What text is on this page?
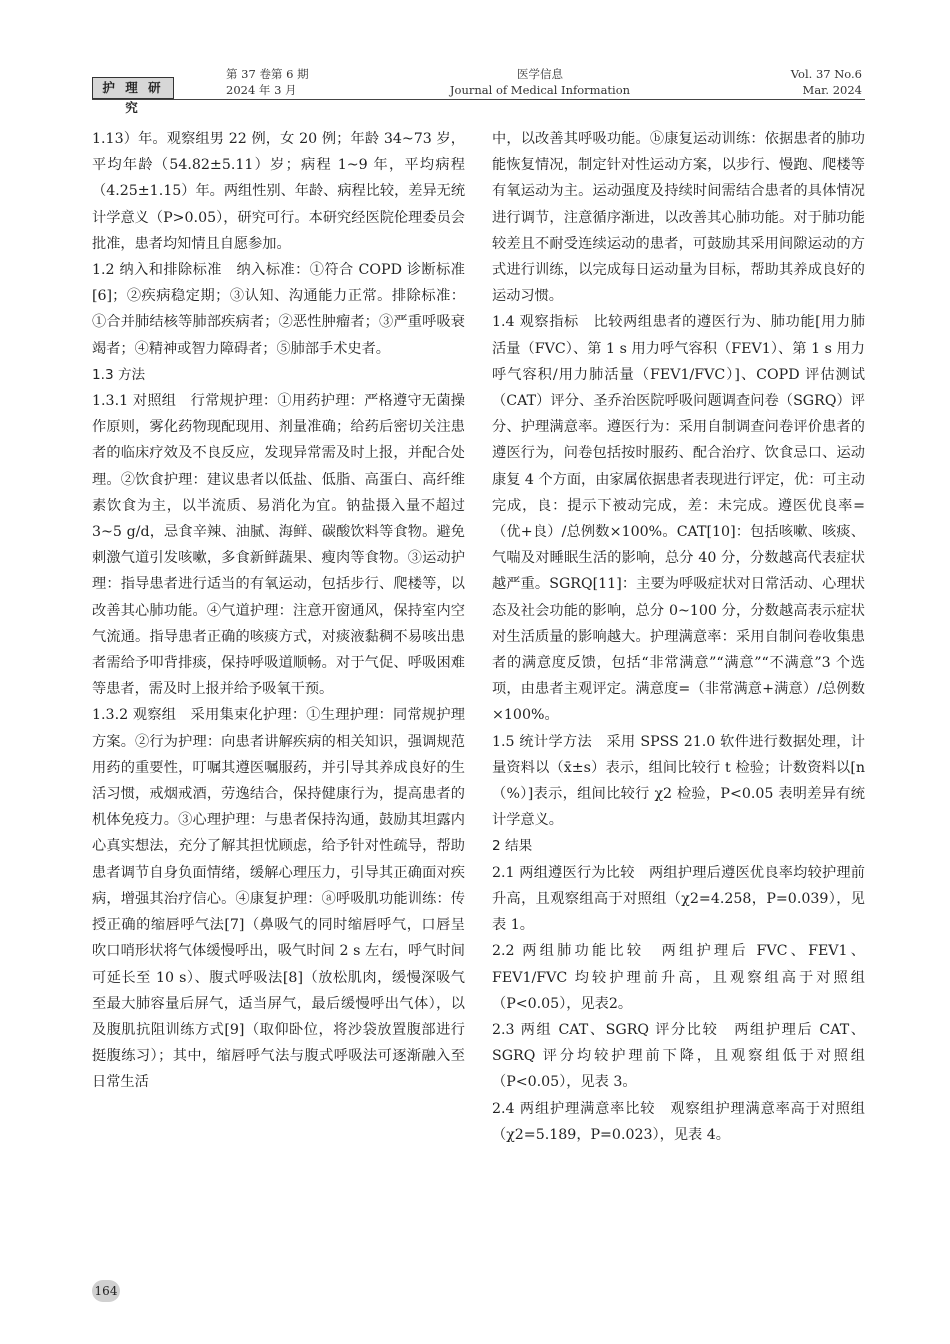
护 理 研 究
第 37 卷第 6 期
2024 年 3 月
医学信息
Journal of Medical Information
Vol. 37 No.6
Mar. 2024

1.13）年。观察组男 22 例，女 20 例；年龄 34~73 岁，平均年龄（54.82±5.11）岁；病程 1~9 年，平均病程（4.25±1.15）年。两组性别、年龄、病程比较，差异无统计学意义（P>0.05），研究可行。本研究经医院伦理委员会批准，患者均知情且自愿参加。

1.2 纳入和排除标准　纳入标准：①符合 COPD 诊断标准[6]；②疾病稳定期；③认知、沟通能力正常。排除标准：①合并肺结核等肺部疾病者；②恶性肿瘤者；③严重呼吸衰竭者；④精神或智力障碍者；⑤肺部手术史者。

1.3 方法

1.3.1 对照组　行常规护理：①用药护理：严格遵守无菌操作原则，雾化药物现配现用、剂量准确；给药后密切关注患者的临床疗效及不良反应，发现异常需及时上报，并配合处理。②饮食护理：建议患者以低盐、低脂、高蛋白、高纤维素饮食为主，以半流质、易消化为宜。钠盐摄入量不超过 3~5 g/d，忌食辛辣、油腻、海鲜、碳酸饮料等食物。避免刺激气道引发咳嗽，多食新鲜蔬果、瘦肉等食物。③运动护理：指导患者进行适当的有氧运动，包括步行、爬楼等，以改善其心肺功能。④气道护理：注意开窗通风，保持室内空气流通。指导患者正确的咳痰方式，对痰液黏稠不易咳出患者需给予叩背排痰，保持呼吸道顺畅。对于气促、呼吸困难等患者，需及时上报并给予吸氧干预。

1.3.2 观察组　采用集束化护理：①生理护理：同常规护理方案。②行为护理：向患者讲解疾病的相关知识，强调规范用药的重要性，叮嘱其遵医嘱服药，并引导其养成良好的生活习惯，戒烟戒酒，劳逸结合，保持健康行为，提高患者的机体免疫力。③心理护理：与患者保持沟通，鼓励其坦露内心真实想法，充分了解其担忧顾虑，给予针对性疏导，帮助患者调节自身负面情绪，缓解心理压力，引导其正确面对疾病，增强其治疗信心。④康复护理：ⓐ呼吸肌功能训练：传授正确的缩唇呼气法[7]（鼻吸气的同时缩唇呼气，口唇呈吹口哨形状将气体缓慢呼出，吸气时间 2 s 左右，呼气时间可延长至 10 s）、腹式呼吸法[8]（放松肌肉，缓慢深吸气至最大肺容量后屏气，适当屏气，最后缓慢呼出气体），以及腹肌抗阻训练方式[9]（取仰卧位，将沙袋放置腹部进行挺腹练习）；其中，缩唇呼气法与腹式呼吸法可逐渐融入至日常生活

中，以改善其呼吸功能。ⓑ康复运动训练：依据患者的肺功能恢复情况，制定针对性运动方案，以步行、慢跑、爬楼等有氧运动为主。运动强度及持续时间需结合患者的具体情况进行调节，注意循序渐进，以改善其心肺功能。对于肺功能较差且不耐受连续运动的患者，可鼓励其采用间隙运动的方式进行训练，以完成每日运动量为目标，帮助其养成良好的运动习惯。

1.4 观察指标　比较两组患者的遵医行为、肺功能[用力肺活量（FVC）、第 1 s 用力呼气容积（FEV1）、第 1 s 用力呼气容积/用力肺活量（FEV1/FVC）]、COPD 评估测试（CAT）评分、圣乔治医院呼吸问题调查问卷（SGRQ）评分、护理满意率。遵医行为：采用自制调查问卷评价患者的遵医行为，问卷包括按时服药、配合治疗、饮食忌口、运动康复 4 个方面，由家属依据患者表现进行评定，优：可主动完成，良：提示下被动完成，差：未完成。遵医优良率=（优+良）/总例数×100%。CAT[10]：包括咳嗽、咳痰、气喘及对睡眠生活的影响，总分 40 分，分数越高代表症状越严重。SGRQ[11]：主要为呼吸症状对日常活动、心理状态及社会功能的影响，总分 0~100 分，分数越高表示症状对生活质量的影响越大。护理满意率：采用自制问卷收集患者的满意度反馈，包括“非常满意”“满意”“不满意”3 个选项，由患者主观评定。满意度=（非常满意+满意）/总例数×100%。

1.5 统计学方法　采用 SPSS 21.0 软件进行数据处理，计量资料以（x̄±s）表示，组间比较行 t 检验；计数资料以[n（%）]表示，组间比较行 χ2 检验，P<0.05 表明差异有统计学意义。

2 结果

2.1 两组遵医行为比较　两组护理后遵医优良率均较护理前升高，且观察组高于对照组（χ2=4.258，P=0.039），见表 1。

2.2 两组肺功能比较　两组护理后 FVC、FEV1、FEV1/FVC 均较护理前升高，且观察组高于对照组（P<0.05），见表2。

2.3 两组 CAT、SGRQ 评分比较　两组护理后 CAT、SGRQ 评分均较护理前下降，且观察组低于对照组（P<0.05），见表 3。

2.4 两组护理满意率比较　观察组护理满意率高于对照组（χ2=5.189，P=0.023），见表 4。

164
